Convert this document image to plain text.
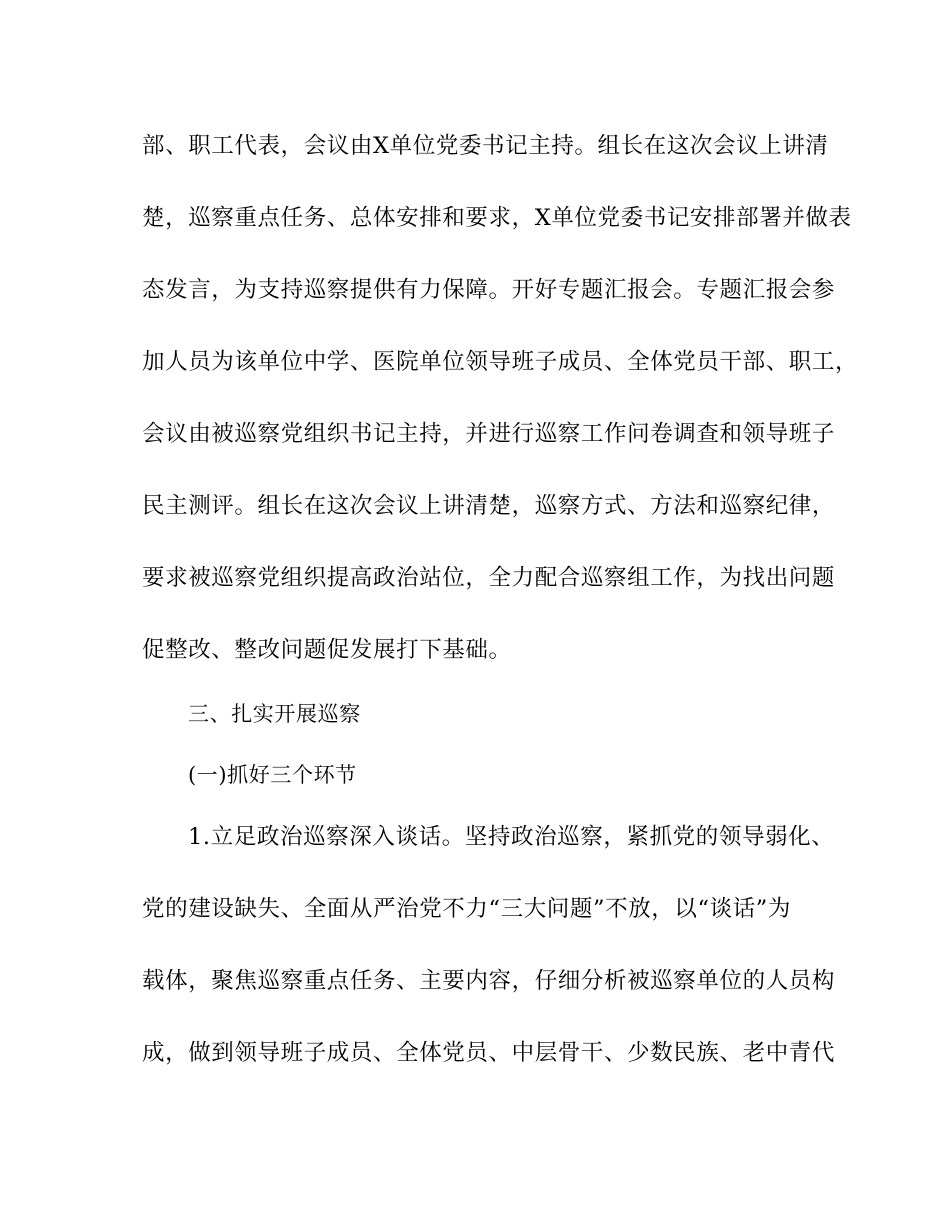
部、职工代表，会议由X单位党委书记主持。组长在这次会议上讲清
楚，巡察重点任务、总体安排和要求，X单位党委书记安排部署并做表
态发言，为支持巡察提供有力保障。开好专题汇报会。专题汇报会参
加人员为该单位中学、医院单位领导班子成员、全体党员干部、职工，
会议由被巡察党组织书记主持，并进行巡察工作问卷调查和领导班子
民主测评。组长在这次会议上讲清楚，巡察方式、方法和巡察纪律，
要求被巡察党组织提高政治站位，全力配合巡察组工作，为找出问题
促整改、整改问题促发展打下基础。
三、扎实开展巡察
(一)抓好三个环节
1.立足政治巡察深入谈话。坚持政治巡察，紧抓党的领导弱化、
党的建设缺失、全面从严治党不力“三大问题”不放，以“谈话”为
载体，聚焦巡察重点任务、主要内容，仔细分析被巡察单位的人员构
成，做到领导班子成员、全体党员、中层骨干、少数民族、老中青代
